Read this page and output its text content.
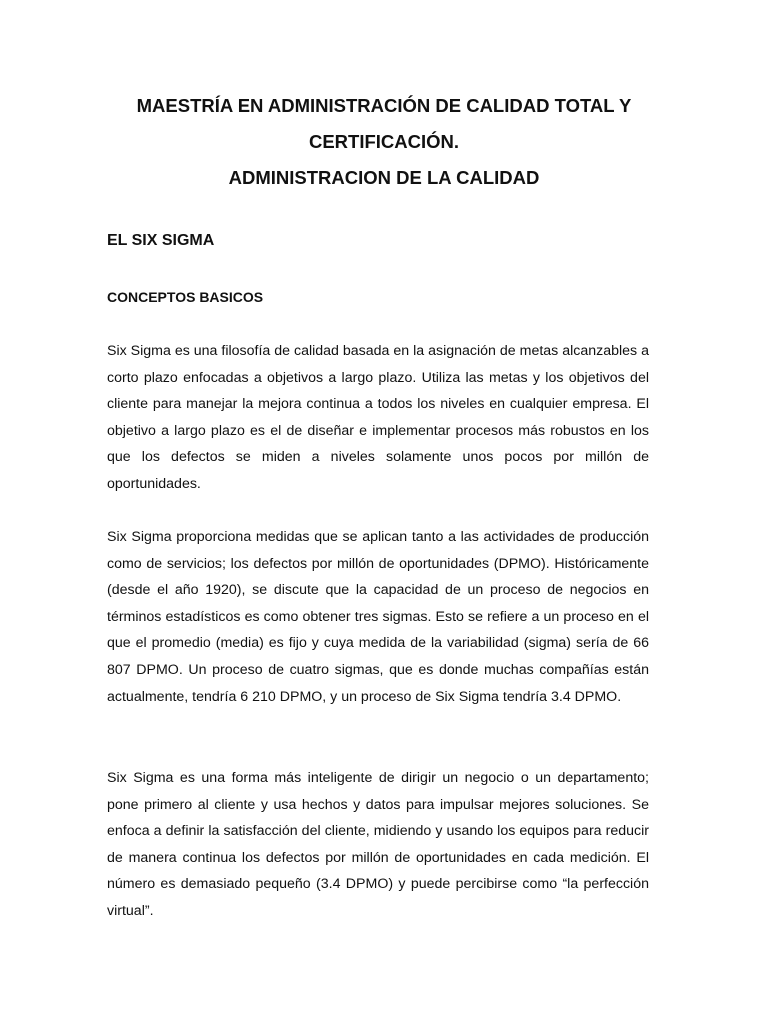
MAESTRÍA EN ADMINISTRACIÓN DE CALIDAD TOTAL Y
CERTIFICACIÓN.
ADMINISTRACION DE LA CALIDAD
EL SIX SIGMA
CONCEPTOS BASICOS

Six Sigma es una filosofía de calidad basada en la asignación de metas alcanzables a corto plazo enfocadas a objetivos a largo plazo. Utiliza las metas y los objetivos del cliente para manejar la mejora continua a todos los niveles en cualquier empresa. El objetivo a largo plazo es el de diseñar e implementar procesos más robustos en los que los defectos se miden a niveles solamente unos pocos por millón de oportunidades.

Six Sigma proporciona medidas que se aplican tanto a las actividades de producción como de servicios; los defectos por millón de oportunidades (DPMO). Históricamente (desde el año 1920), se discute que la capacidad de un proceso de negocios en términos estadísticos es como obtener tres sigmas. Esto se refiere a un proceso en el que el promedio (media) es fijo y cuya medida de la variabilidad (sigma) sería de 66 807 DPMO. Un proceso de cuatro sigmas, que es donde muchas compañías están actualmente, tendría 6 210 DPMO, y un proceso de Six Sigma tendría 3.4 DPMO.

Six Sigma es una forma más inteligente de dirigir un negocio o un departamento; pone primero al cliente y usa hechos y datos para impulsar mejores soluciones. Se enfoca a definir la satisfacción del cliente, midiendo y usando los equipos para reducir de manera continua los defectos por millón de oportunidades en cada medición. El número es demasiado pequeño (3.4 DPMO) y puede percibirse como “la perfección virtual”.
